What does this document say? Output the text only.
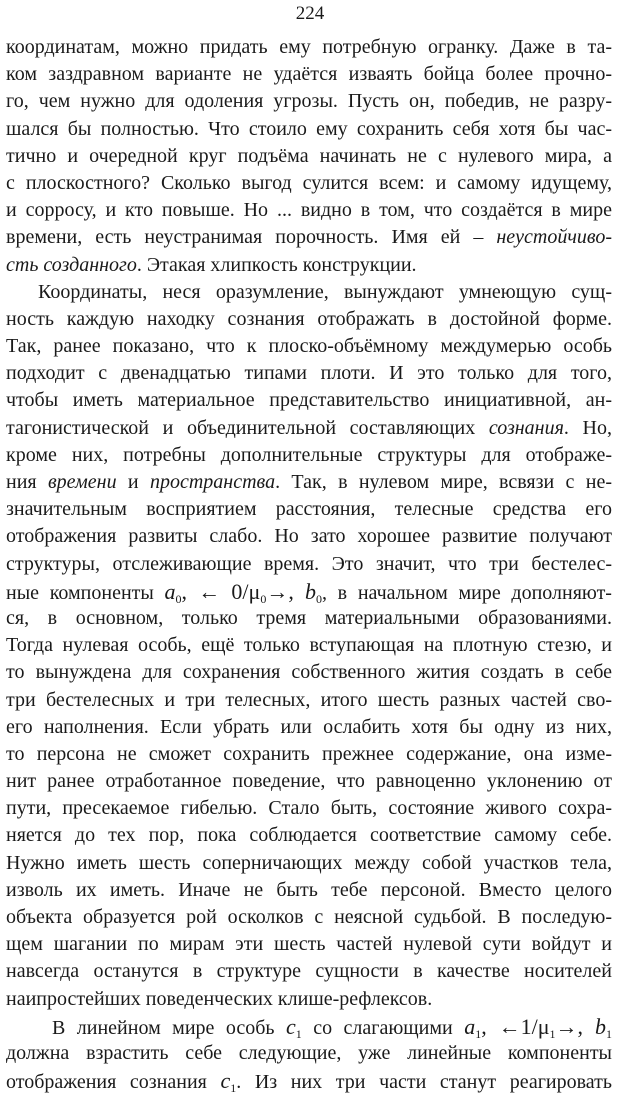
224
координатам, можно придать ему потребную огранку. Даже в та-
ком заздравном варианте не удаётся изваять бойца более прочно-
го, чем нужно для одоления угрозы. Пусть он, победив, не разру-
шался бы полностью. Что стоило ему сохранить себя хотя бы час-
тично и очередной круг подъёма начинать не с нулевого мира, а
с плоскостного? Сколько выгод сулится всем: и самому идущему,
и сорросу, и кто повыше. Но ... видно в том, что создаётся в мире
времени, есть неустранимая порочность. Имя ей – неустойчиво-
сть созданного. Этакая хлипкость конструкции.
Координаты, неся оразумление, вынуждают умнеющую сущ-
ность каждую находку сознания отображать в достойной форме.
Так, ранее показано, что к плоско-объёмному междумерью особь
подходит с двенадцатью типами плоти. И это только для того,
чтобы иметь материальное представительство инициативной, ан-
тагонистической и объединительной составляющих сознания. Но,
кроме них, потребны дополнительные структуры для отображе-
ния времени и пространства. Так, в нулевом мире, всвязи с не-
значительным восприятием расстояния, телесные средства его
отображения развиты слабо. Но зато хорошее развитие получают
структуры, отслеживающие время. Это значит, что три бестелес-
ные компоненты $a_0$, ← $0/\mu_0\to$, $b_0$, в начальном мире дополняют-
ся, в основном, только тремя материальными образованиями.
Тогда нулевая особь, ещё только вступающая на плотную стезю, и
то вынуждена для сохранения собственного жития создать в себе
три бестелесных и три телесных, итого шесть разных частей сво-
его наполнения. Если убрать или ослабить хотя бы одну из них,
то персона не сможет сохранить прежнее содержание, она изме-
нит ранее отработанное поведение, что равноценно уклонению от
пути, пресекаемое гибелью. Стало быть, состояние живого сохра-
няется до тех пор, пока соблюдается соответствие самому себе.
Нужно иметь шесть соперничающих между собой участков тела,
изволь их иметь. Иначе не быть тебе персоной. Вместо целого
объекта образуется рой осколков с неясной судьбой. В последую-
щем шагании по мирам эти шесть частей нулевой сути войдут и
навсегда останутся в структуре сущности в качестве носителей
наипростейших поведенческих клише-рефлексов.
В линейном мире особь $c_1$ со слагающими $a_1$, $\leftarrow 1/\mu_1\to$, $b_1$
должна взрастить себе следующие, уже линейные компоненты
отображения сознания $c_1$. Из них три части станут реагировать
